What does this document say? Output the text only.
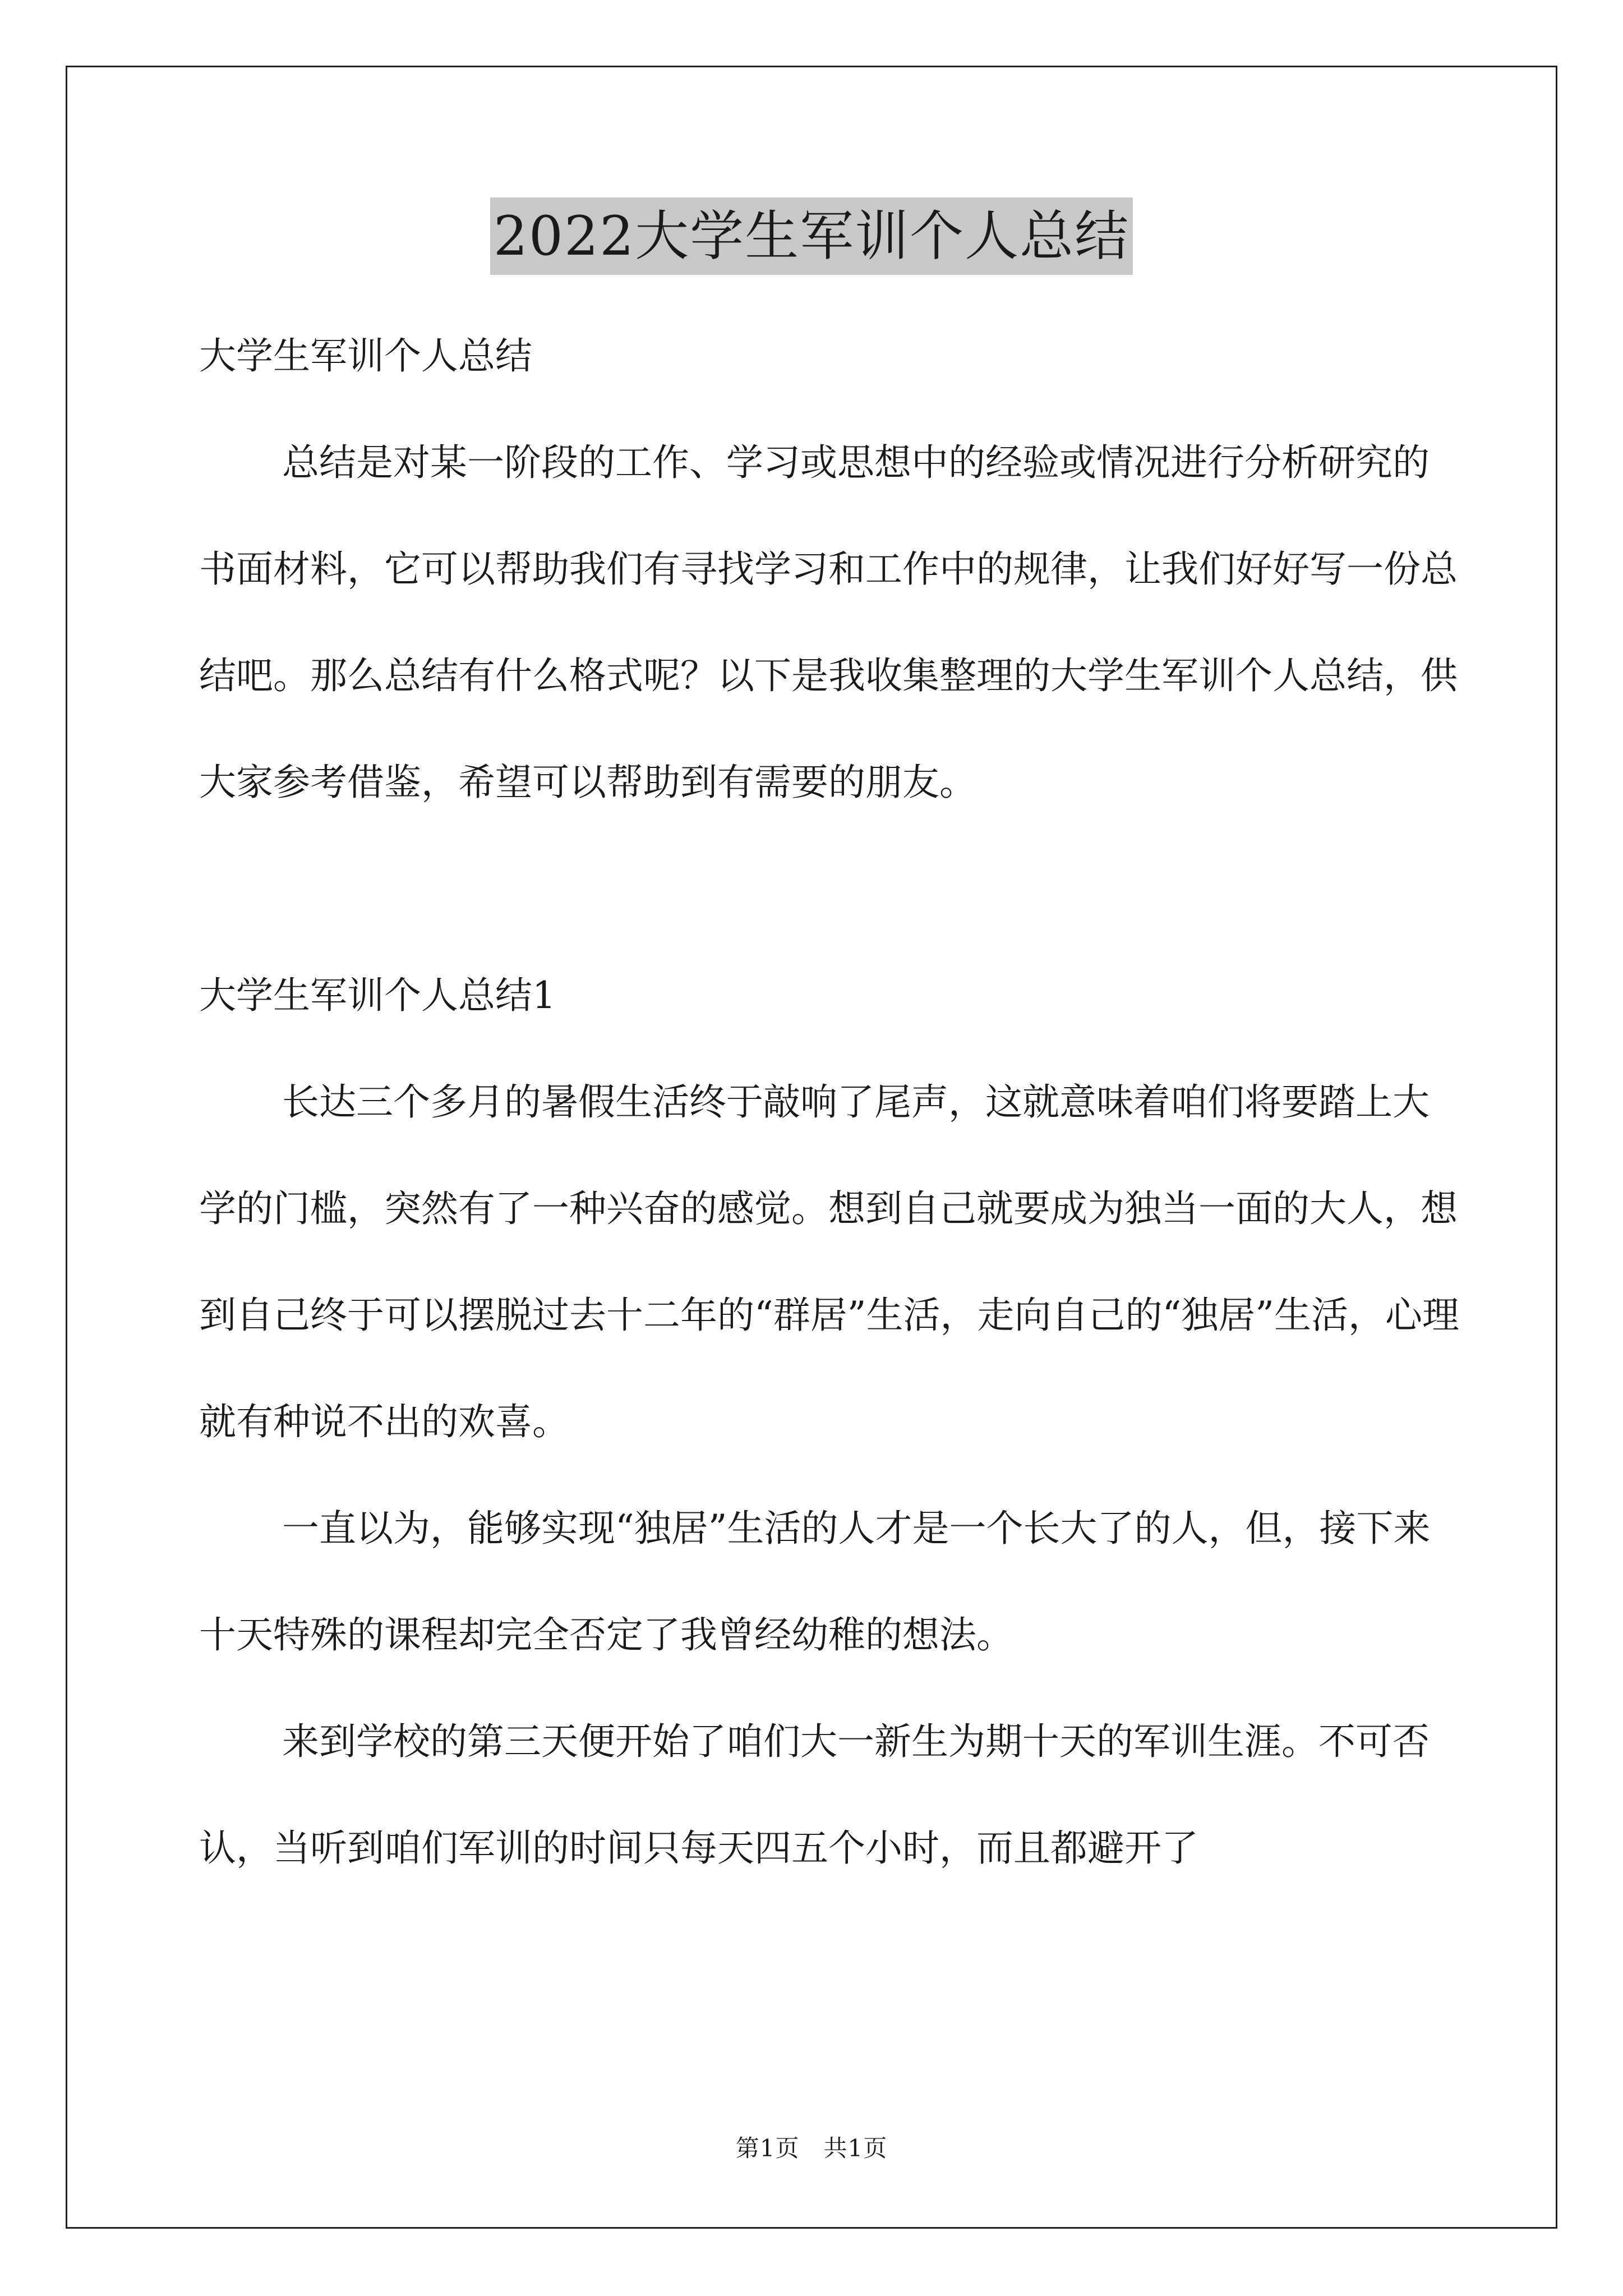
2022大学生军训个人总结

大学生军训个人总结

总结是对某一阶段的工作、学习或思想中的经验或情况进行分析研究的书面材料，它可以帮助我们有寻找学习和工作中的规律，让我们好好写一份总结吧。那么总结有什么格式呢？以下是我收集整理的大学生军训个人总结，供大家参考借鉴，希望可以帮助到有需要的朋友。

大学生军训个人总结1

长达三个多月的暑假生活终于敲响了尾声，这就意味着咱们将要踏上大学的门槛，突然有了一种兴奋的感觉。想到自己就要成为独当一面的大人，想到自己终于可以摆脱过去十二年的“群居”生活，走向自己的“独居”生活，心理就有种说不出的欢喜。

一直以为，能够实现“独居”生活的人才是一个长大了的人，但，接下来十天特殊的课程却完全否定了我曾经幼稚的想法。

来到学校的第三天便开始了咱们大一新生为期十天的军训生涯。不可否认，当听到咱们军训的时间只每天四五个小时，而且都避开了

第1页　共1页
